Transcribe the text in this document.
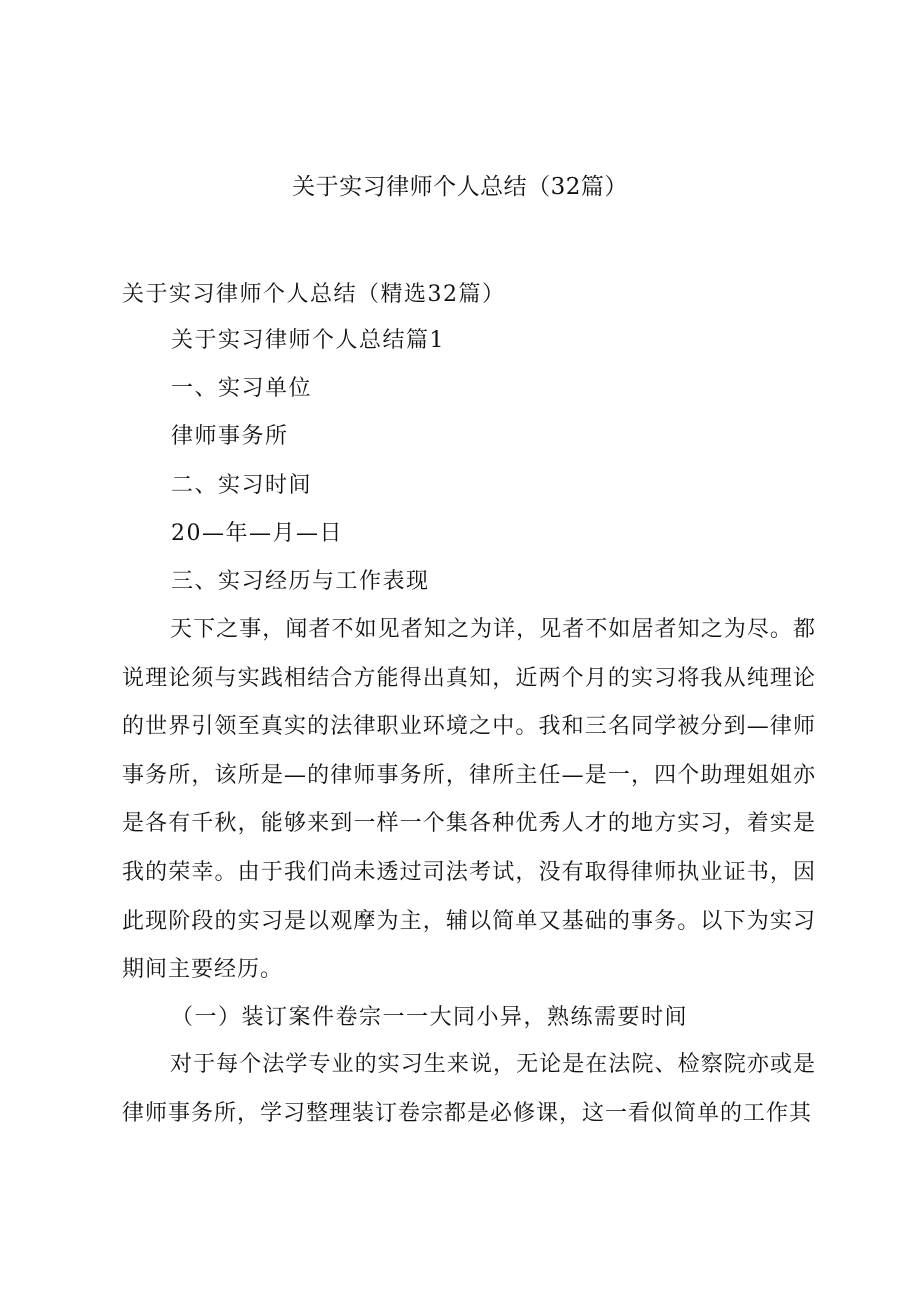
关于实习律师个人总结（32篇）
关于实习律师个人总结（精选32篇）
关于实习律师个人总结篇1
一、实习单位
律师事务所
二、实习时间
20—年—月—日
三、实习经历与工作表现
天下之事，闻者不如见者知之为详，见者不如居者知之为尽。都说理论须与实践相结合方能得出真知，近两个月的实习将我从纯理论的世界引领至真实的法律职业环境之中。我和三名同学被分到—律师事务所，该所是—的律师事务所，律所主任—是一，四个助理姐姐亦是各有千秋，能够来到一样一个集各种优秀人才的地方实习，着实是我的荣幸。由于我们尚未透过司法考试，没有取得律师执业证书，因此现阶段的实习是以观摩为主，辅以简单又基础的事务。以下为实习期间主要经历。
（一）装订案件卷宗一一大同小异，熟练需要时间
对于每个法学专业的实习生来说，无论是在法院、检察院亦或是律师事务所，学习整理装订卷宗都是必修课，这一看似简单的工作其
